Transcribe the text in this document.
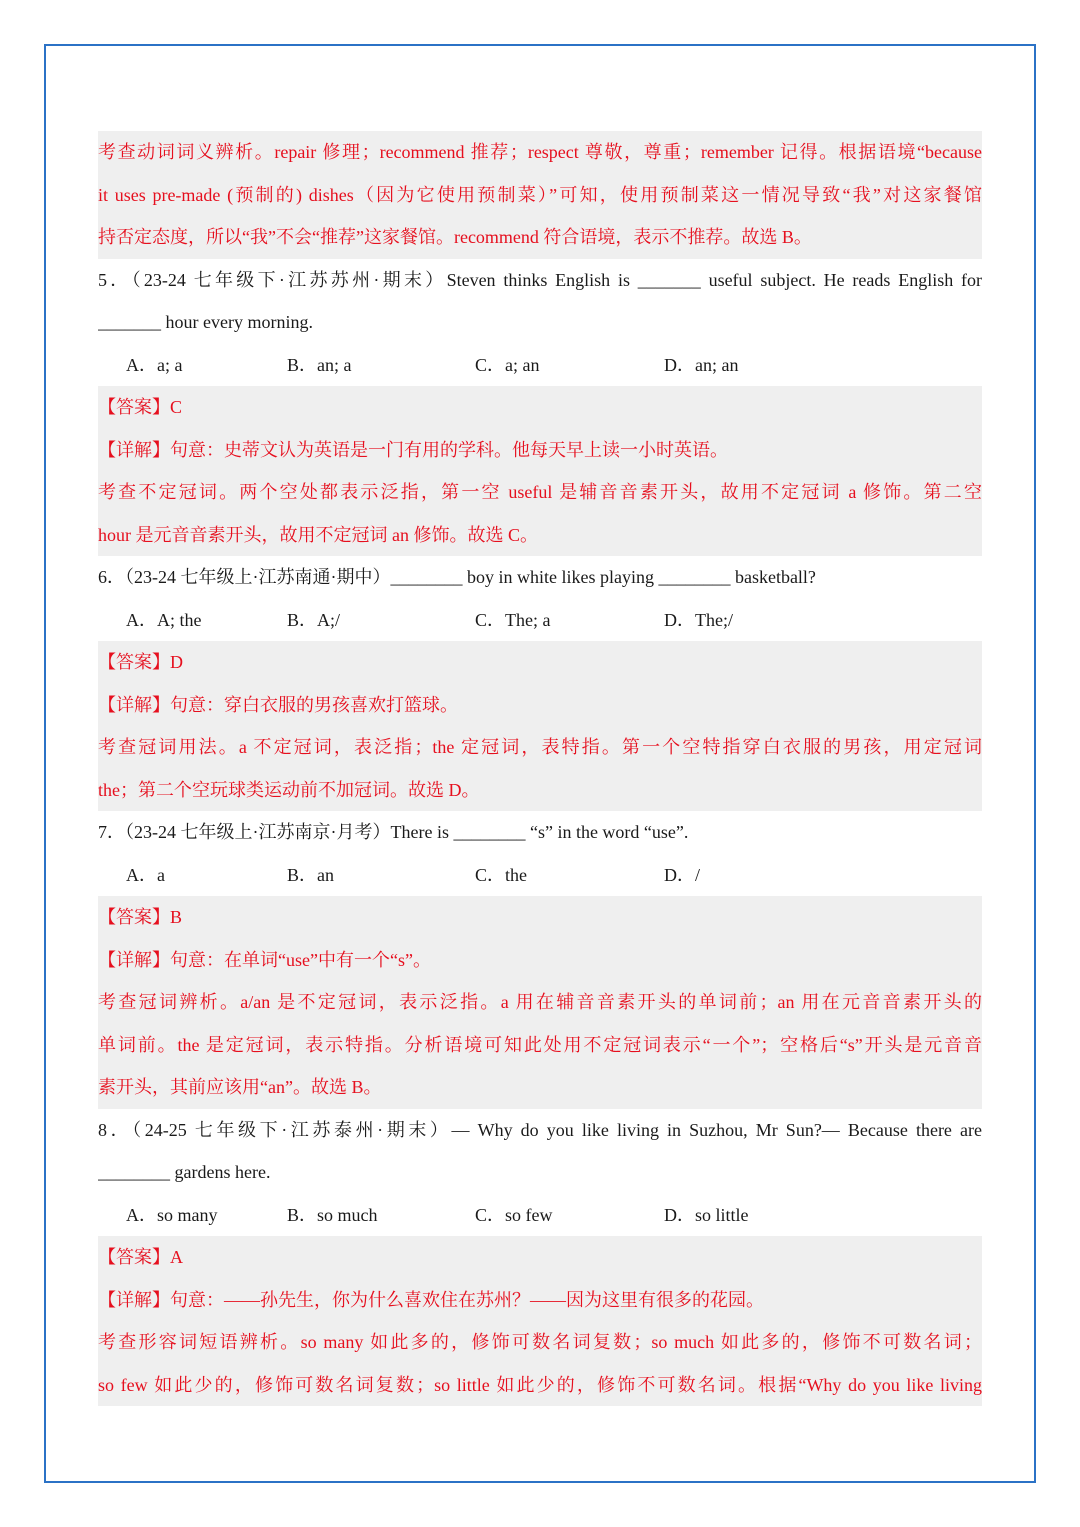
考查动词词义辨析。repair 修理；recommend 推荐；respect 尊敬，尊重；remember 记得。根据语境“because
it uses pre-made (预制的) dishes（因为它使用预制菜）”可知，使用预制菜这一情况导致“我”对这家餐馆
持否定态度，所以“我”不会“推荐”这家餐馆。recommend 符合语境，表示不推荐。故选 B。
5．（23-24 七年级下·江苏苏州·期末）Steven thinks English is _______ useful subject. He reads English for
_______ hour every morning.
A．a; a	B．an; a	C．a; an	D．an; an
【答案】C
【详解】句意：史蒂文认为英语是一门有用的学科。他每天早上读一小时英语。
考查不定冠词。两个空处都表示泛指，第一空 useful 是辅音音素开头，故用不定冠词 a 修饰。第二空
hour 是元音音素开头，故用不定冠词 an 修饰。故选 C。
6．（23-24 七年级上·江苏南通·期中）________ boy in white likes playing ________ basketball?
A．A; the	B．A;/	C．The; a	D．The;/
【答案】D
【详解】句意：穿白衣服的男孩喜欢打篮球。
考查冠词用法。a 不定冠词，表泛指；the 定冠词，表特指。第一个空特指穿白衣服的男孩，用定冠词
the；第二个空玩球类运动前不加冠词。故选 D。
7．（23-24 七年级上·江苏南京·月考）There is ________ “s” in the word “use”.
A．a	B．an	C．the	D．/
【答案】B
【详解】句意：在单词“use”中有一个“s”。
考查冠词辨析。a/an 是不定冠词，表示泛指。a 用在辅音音素开头的单词前；an 用在元音音素开头的
单词前。the 是定冠词，表示特指。分析语境可知此处用不定冠词表示“一个”；空格后“s”开头是元音音
素开头，其前应该用“an”。故选 B。
8．（24-25 七年级下·江苏泰州·期末）— Why do you like living in Suzhou, Mr Sun?— Because there are
________ gardens here.
A．so many	B．so much	C．so few	D．so little
【答案】A
【详解】句意：——孙先生，你为什么喜欢住在苏州？——因为这里有很多的花园。
考查形容词短语辨析。so many 如此多的，修饰可数名词复数；so much 如此多的，修饰不可数名词；
so few 如此少的，修饰可数名词复数；so little 如此少的，修饰不可数名词。根据“Why do you like living
